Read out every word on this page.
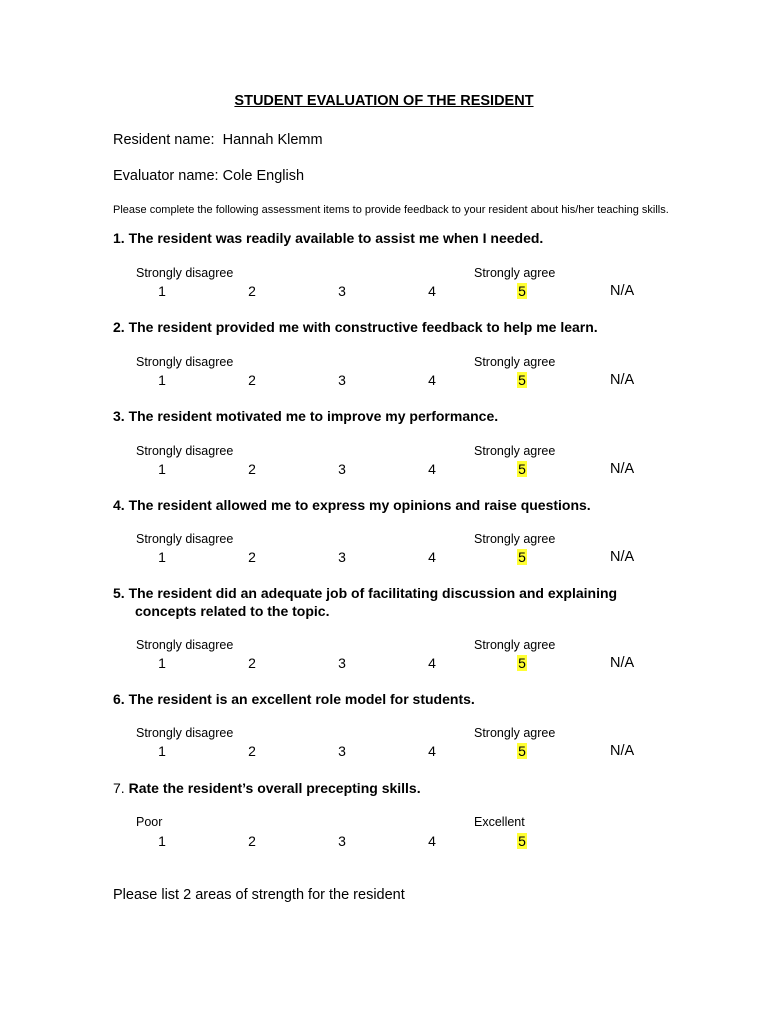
STUDENT EVALUATION OF THE RESIDENT
Resident name: Hannah Klemm
Evaluator name: Cole English
Please complete the following assessment items to provide feedback to your resident about his/her teaching skills.
1. The resident was readily available to assist me when I needed.
Strongly disagree	Strongly agree
1	2	3	4	5	N/A
2. The resident provided me with constructive feedback to help me learn.
Strongly disagree	Strongly agree
1	2	3	4	5	N/A
3. The resident motivated me to improve my performance.
Strongly disagree	Strongly agree
1	2	3	4	5	N/A
4. The resident allowed me to express my opinions and raise questions.
Strongly disagree	Strongly agree
1	2	3	4	5	N/A
5. The resident did an adequate job of facilitating discussion and explaining
concepts related to the topic.
Strongly disagree	Strongly agree
1	2	3	4	5	N/A
6. The resident is an excellent role model for students.
Strongly disagree	Strongly agree
1	2	3	4	5	N/A
7. Rate the resident’s overall precepting skills.
Poor	Excellent
1	2	3	4	5
Please list 2 areas of strength for the resident
